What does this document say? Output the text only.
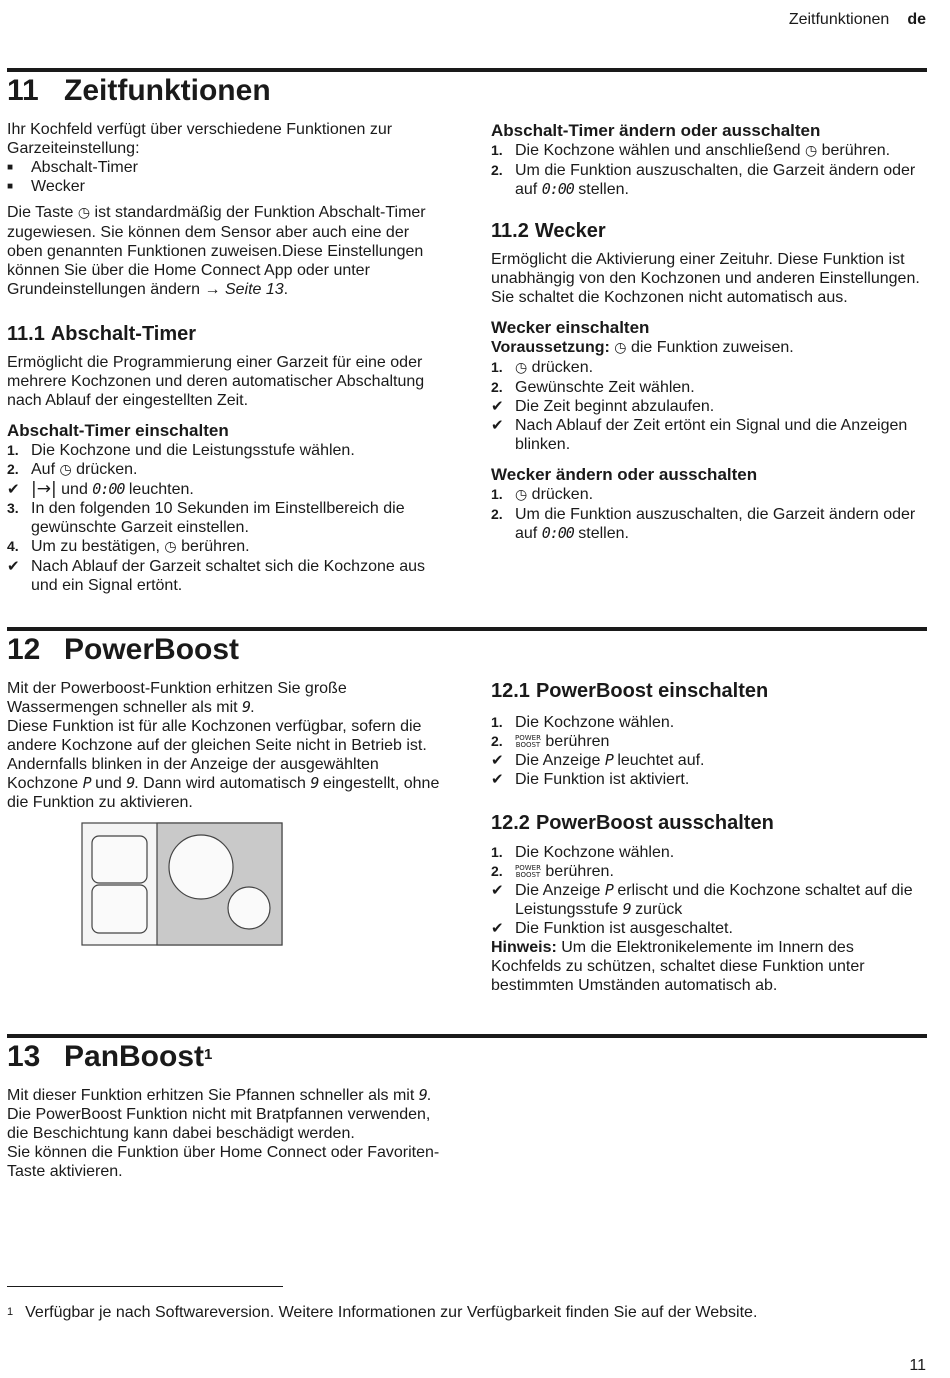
Zeitfunktionen de
11 Zeitfunktionen

Ihr Kochfeld verfügt über verschiedene Funktionen zur Garzeiteinstellung:

■ Abschalt-Timer
■ Wecker

Die Taste ◷ ist standardmäßig der Funktion Abschalt-Timer zugewiesen. Sie können dem Sensor aber auch eine der oben genannten Funktionen zuweisen.Diese Einstellungen können Sie über die Home Connect App oder unter Grundeinstellungen ändern → Seite 13.

11.1 Abschalt-Timer

Ermöglicht die Programmierung einer Garzeit für eine oder mehrere Kochzonen und deren automatischer Abschaltung nach Ablauf der eingestellten Zeit.

Abschalt-Timer einschalten

1. Die Kochzone und die Leistungsstufe wählen.
2. Auf ◷ drücken.
✔ |→| und 0:00 leuchten.
3. In den folgenden 10 Sekunden im Einstellbereich die gewünschte Garzeit einstellen.
4. Um zu bestätigen, ◷ berühren.
✔ Nach Ablauf der Garzeit schaltet sich die Kochzone aus und ein Signal ertönt.

Abschalt-Timer ändern oder ausschalten

1. Die Kochzone wählen und anschließend ◷ berühren.
2. Um die Funktion auszuschalten, die Garzeit ändern oder auf 0:00 stellen.

11.2 Wecker

Ermöglicht die Aktivierung einer Zeituhr. Diese Funktion ist unabhängig von den Kochzonen und anderen Einstellungen. Sie schaltet die Kochzonen nicht automatisch aus.

Wecker einschalten

Voraussetzung: ◷ die Funktion zuweisen.

1. ◷ drücken.
2. Gewünschte Zeit wählen.
✔ Die Zeit beginnt abzulaufen.
✔ Nach Ablauf der Zeit ertönt ein Signal und die Anzeigen blinken.

Wecker ändern oder ausschalten

1. ◷ drücken.
2. Um die Funktion auszuschalten, die Garzeit ändern oder auf 0:00 stellen.
12 PowerBoost

Mit der Powerboost-Funktion erhitzen Sie große Wassermengen schneller als mit 9.

Diese Funktion ist für alle Kochzonen verfügbar, sofern die andere Kochzone auf der gleichen Seite nicht in Betrieb ist. Andernfalls blinken in der Anzeige der ausgewählten Kochzone P und 9. Dann wird automatisch 9 eingestellt, ohne die Funktion zu aktivieren.

12.1 PowerBoost einschalten

1. Die Kochzone wählen.
2. POWER
BOOST berühren
✔ Die Anzeige P leuchtet auf.
✔ Die Funktion ist aktiviert.

12.2 PowerBoost ausschalten

1. Die Kochzone wählen.
2. POWER
BOOST berühren.
✔ Die Anzeige P erlischt und die Kochzone schaltet auf die Leistungsstufe 9 zurück
✔ Die Funktion ist ausgeschaltet.

Hinweis: Um die Elektronikelemente im Innern des Kochfelds zu schützen, schaltet diese Funktion unter bestimmten Umständen automatisch ab.

13 PanBoost$^1$

Mit dieser Funktion erhitzen Sie Pfannen schneller als mit 9. Die PowerBoost Funktion nicht mit Bratpfannen verwenden, die Beschichtung kann dabei beschädigt werden.

Sie können die Funktion über Home Connect oder Favoriten-Taste aktivieren.

$^1$ Verfügbar je nach Softwareversion. Weitere Informationen zur Verfügbarkeit finden Sie auf der Website.
11
